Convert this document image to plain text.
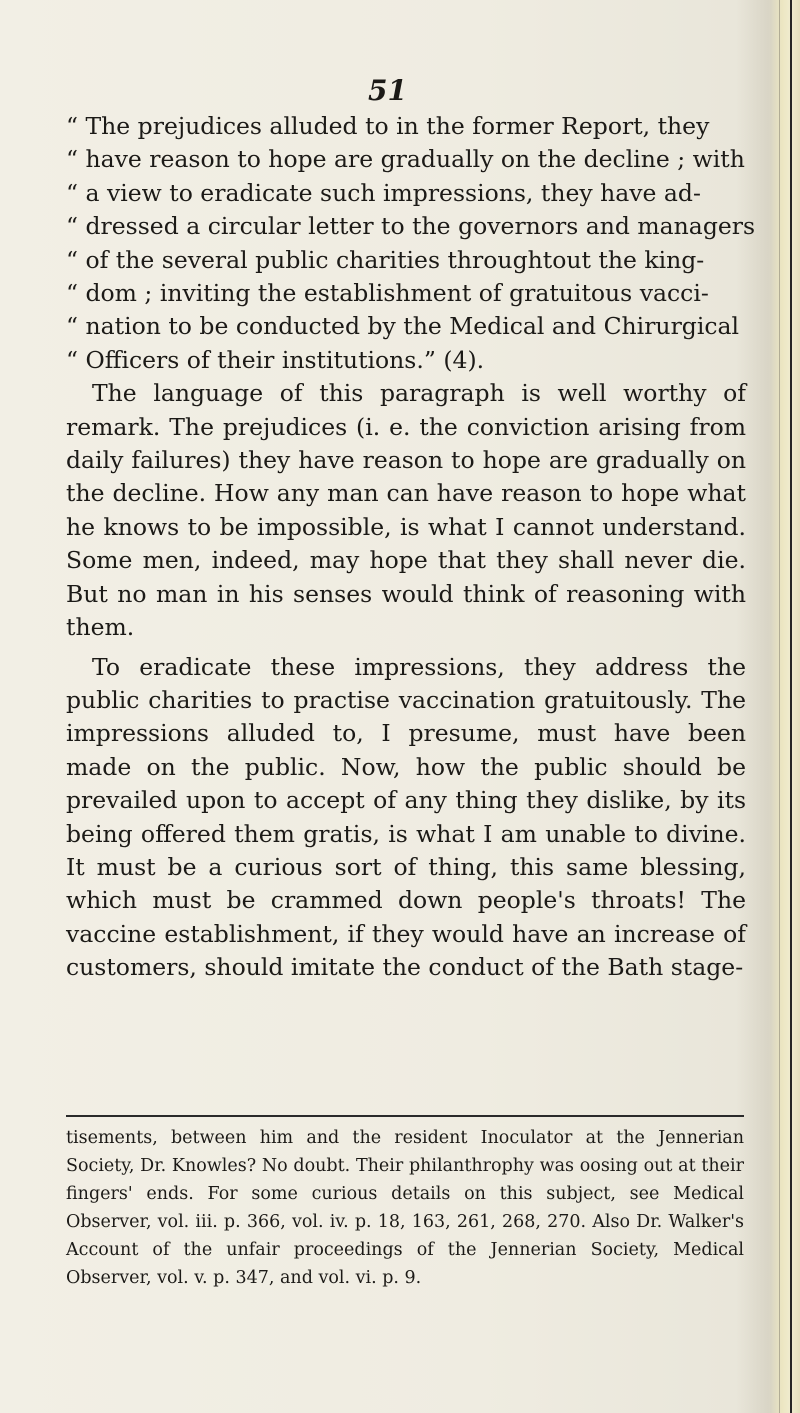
51
“ The prejudices alluded to in the former Report, they
“ have reason to hope are gradually on the decline ; with
“ a view to eradicate such impressions, they have ad-
“ dressed a circular letter to the governors and managers
“ of the several public charities throughtout the king-
“ dom ; inviting the establishment of gratuitous vacci-
“ nation to be conducted by the Medical and Chirurgical
“ Officers of their institutions.” (4).

The language of this paragraph is well worthy of remark. The prejudices (i. e. the conviction arising from daily failures) they have reason to hope are gradually on the decline. How any man can have reason to hope what he knows to be impossible, is what I cannot understand. Some men, indeed, may hope that they shall never die. But no man in his senses would think of reasoning with them.

To eradicate these impressions, they address the public charities to practise vaccination gratuitously. The impressions alluded to, I presume, must have been made on the public. Now, how the public should be prevailed upon to accept of any thing they dislike, by its being offered them gratis, is what I am unable to divine. It must be a curious sort of thing, this same blessing, which must be crammed down people's throats! The vaccine establishment, if they would have an increase of customers, should imitate the conduct of the Bath stage-

tisements, between him and the resident Inoculator at the Jennerian Society, Dr. Knowles? No doubt. Their philanthrophy was oosing out at their fingers' ends. For some curious details on this subject, see Medical Observer, vol. iii. p. 366, vol. iv. p. 18, 163, 261, 268, 270. Also Dr. Walker's Account of the unfair proceedings of the Jennerian Society, Medical Observer, vol. v. p. 347, and vol. vi. p. 9.
